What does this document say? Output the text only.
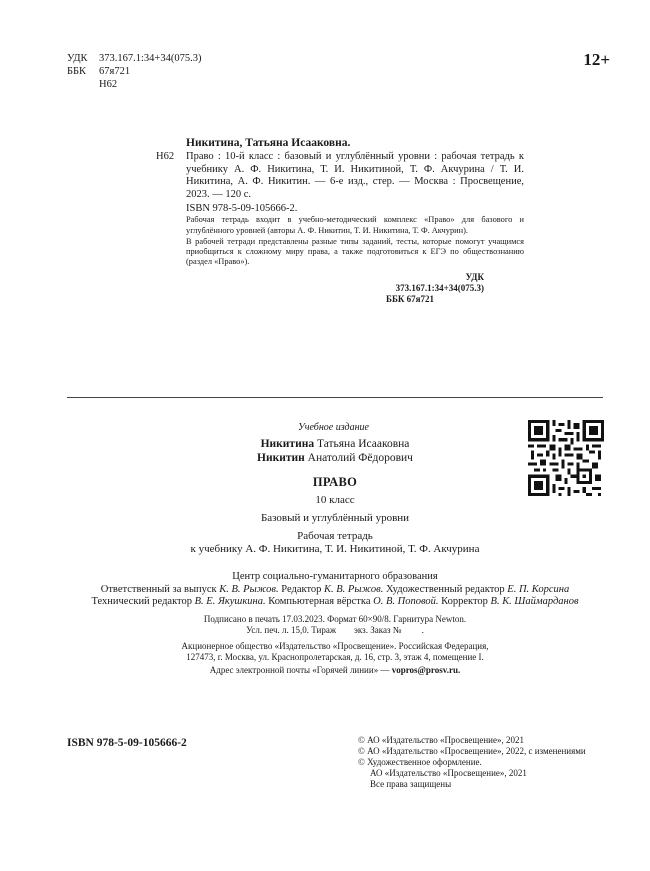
УДК	373.167.1:34+34(075.3)
ББК	67я721
Н62
12+
Н62
Никитина, Татьяна Исааковна.
Право : 10-й класс : базовый и углублённый уровни : рабочая тетрадь к учебнику А. Ф. Никитина, Т. И. Никитиной, Т. Ф. Акчурина / Т. И. Никитина, А. Ф. Никитин. — 6-е изд., стер. — Москва : Просвещение, 2023. — 120 с.
ISBN 978-5-09-105666-2.
Рабочая тетрадь входит в учебно-методический комплекс «Право» для базового и углублённого уровней (авторы А. Ф. Никитин, Т. И. Никитина, Т. Ф. Акчурин).
В рабочей тетради представлены разные типы заданий, тесты, которые помогут учащимся приобщиться к сложному миру права, а также подготовиться к ЕГЭ по обществознанию (раздел «Право»).
УДК 373.167.1:34+34(075.3)
ББК 67я721
Учебное издание
Никитина Татьяна Исааковна
Никитин Анатолий Фёдорович
ПРАВО
10 класс
Базовый и углублённый уровни
Рабочая тетрадь
к учебнику А. Ф. Никитина, Т. И. Никитиной, Т. Ф. Акчурина
Центр социально-гуманитарного образования
Ответственный за выпуск К. В. Рыжов. Редактор К. В. Рыжов. Художественный редактор Е. П. Корсина
Технический редактор В. Е. Якушкина. Компьютерная вёрстка О. В. Поповой. Корректор В. К. Шаймарданов
Подписано в печать 17.03.2023. Формат 60×90/8. Гарнитура Newton.
Усл. печ. л. 15,0. Тираж        экз. Заказ №         .
Акционерное общество «Издательство «Просвещение». Российская Федерация,
127473, г. Москва, ул. Краснопролетарская, д. 16, стр. 3, этаж 4, помещение I.
Адрес электронной почты «Горячей линии» — vopros@prosv.ru.
ISBN 978-5-09-105666-2	© АО «Издательство «Просвещение», 2021
© АО «Издательство «Просвещение», 2022, с изменениями
© Художественное оформление.
АО «Издательство «Просвещение», 2021
Все права защищены
